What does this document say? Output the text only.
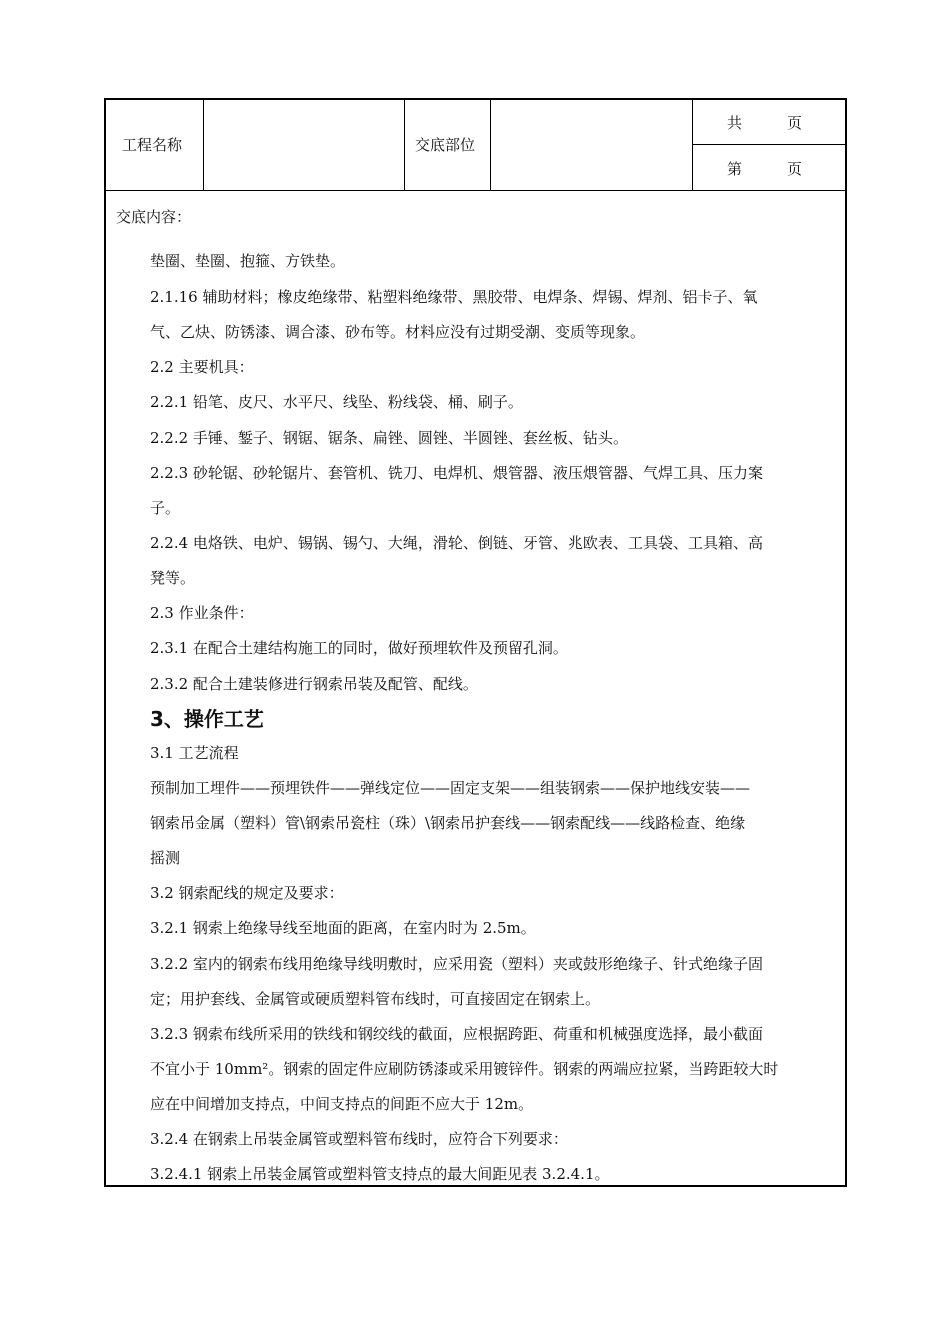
工程名称	交底部位
共　　　页
第　　　页
交底内容：
垫圈、垫圈、抱箍、方铁垫。
2.1.16 辅助材料；橡皮绝缘带、粘塑料绝缘带、黑胶带、电焊条、焊锡、焊剂、铝卡子、氧
气、乙炔、防锈漆、调合漆、砂布等。材料应没有过期受潮、变质等现象。
2.2 主要机具：
2.2.1 铅笔、皮尺、水平尺、线坠、粉线袋、桶、刷子。
2.2.2 手锤、錾子、钢锯、锯条、扁锉、圆锉、半圆锉、套丝板、钻头。
2.2.3 砂轮锯、砂轮锯片、套管机、铣刀、电焊机、煨管器、液压煨管器、气焊工具、压力案
子。
2.2.4 电烙铁、电炉、锡锅、锡勺、大绳，滑轮、倒链、牙管、兆欧表、工具袋、工具箱、高
凳等。
2.3 作业条件：
2.3.1 在配合土建结构施工的同时，做好预埋软件及预留孔洞。
2.3.2 配合土建装修进行钢索吊装及配管、配线。
3、操作工艺
3.1 工艺流程
预制加工埋件——预埋铁件——弹线定位——固定支架——组装钢索——保护地线安装——
钢索吊金属（塑料）管\钢索吊瓷柱（珠）\钢索吊护套线——钢索配线——线路检查、绝缘
摇测
3.2 钢索配线的规定及要求：
3.2.1 钢索上绝缘导线至地面的距离，在室内时为 2.5m。
3.2.2 室内的钢索布线用绝缘导线明敷时，应采用瓷（塑料）夹或鼓形绝缘子、针式绝缘子固
定；用护套线、金属管或硬质塑料管布线时，可直接固定在钢索上。
3.2.3 钢索布线所采用的铁线和钢绞线的截面，应根据跨距、荷重和机械强度选择，最小截面
不宜小于 10mm²。钢索的固定件应刷防锈漆或采用镀锌件。钢索的两端应拉紧，当跨距较大时
应在中间增加支持点，中间支持点的间距不应大于 12m。
3.2.4 在钢索上吊装金属管或塑料管布线时，应符合下列要求：
3.2.4.1 钢索上吊装金属管或塑料管支持点的最大间距见表 3.2.4.1。
